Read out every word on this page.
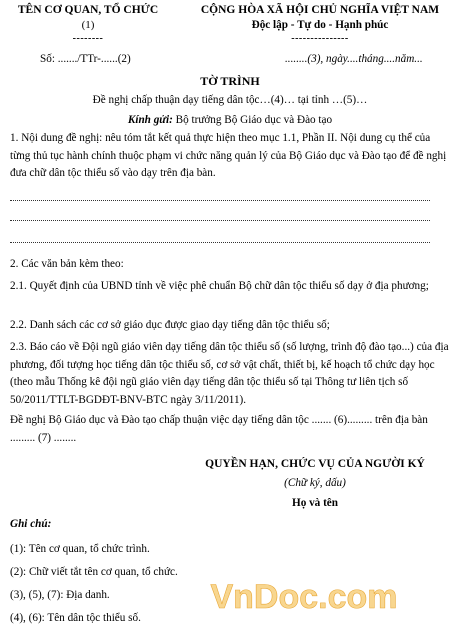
TÊN CƠ QUAN, TỔ CHỨC
(1)
--------
CỘNG HÒA XÃ HỘI CHỦ NGHĨA VIỆT NAM
Độc lập - Tự do - Hạnh phúc
---------------
Số: ......./TTr-......(2)	........(3), ngày....tháng....năm...
TỜ TRÌNH
Đề nghị chấp thuận dạy tiếng dân tộc…(4)… tại tỉnh …(5)…
Kính gửi: Bộ trưởng Bộ Giáo dục và Đào tạo
1. Nội dung đề nghị: nêu tóm tắt kết quả thực hiện theo mục 1.1, Phần II. Nội dung cụ thể của từng thủ tục hành chính thuộc phạm vi chức năng quản lý của Bộ Giáo dục và Đào tạo để đề nghị đưa chữ dân tộc thiểu số vào dạy trên địa bàn.
2. Các văn bản kèm theo:
2.1. Quyết định của UBND tỉnh về việc phê chuẩn Bộ chữ dân tộc thiểu số dạy ở địa phương;
2.2. Danh sách các cơ sở giáo dục được giao dạy tiếng dân tộc thiểu số;
2.3. Báo cáo về Đội ngũ giáo viên dạy tiếng dân tộc thiểu số (số lượng, trình độ đào tạo...) của địa phương, đối tượng học tiếng dân tộc thiểu số, cơ sở vật chất, thiết bị, kế hoạch tổ chức dạy học (theo mẫu Thống kê đội ngũ giáo viên dạy tiếng dân tộc thiểu số tại Thông tư liên tịch số 50/2011/TTLT-BGDĐT-BNV-BTC ngày 3/11/2011).
Đề nghị Bộ Giáo dục và Đào tạo chấp thuận việc dạy tiếng dân tộc ....... (6)......... trên địa bàn ......... (7) ........
QUYỀN HẠN, CHỨC VỤ CỦA NGƯỜI KÝ
(Chữ ký, dấu)
Họ và tên
Ghi chú:
(1): Tên cơ quan, tổ chức trình.
(2): Chữ viết tắt tên cơ quan, tổ chức.
(3), (5), (7): Địa danh.
(4), (6): Tên dân tộc thiểu số.
VnDoc.com
